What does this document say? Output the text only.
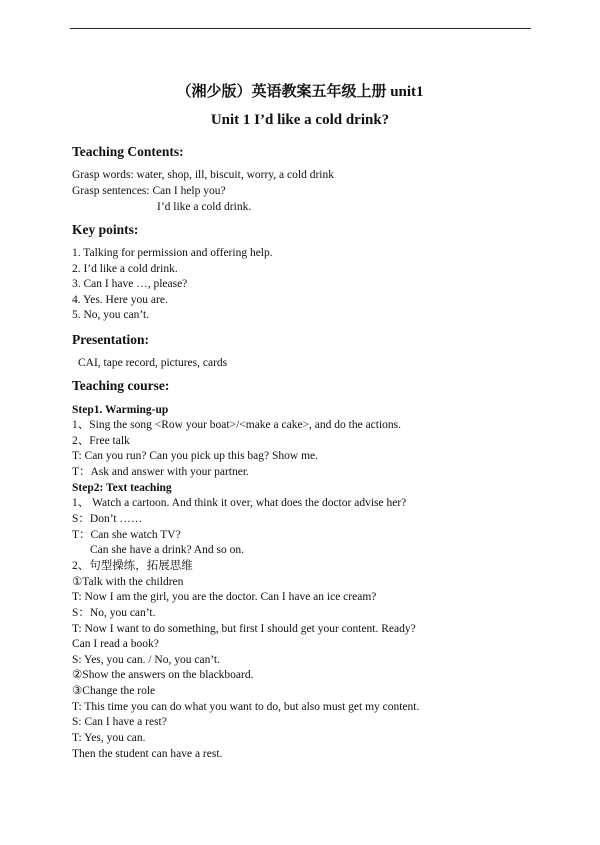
（湘少版）英语教案五年级上册 unit1
Unit 1 I’d like a cold drink?
Teaching Contents:
Grasp words: water, shop, ill, biscuit, worry, a cold drink
Grasp sentences: Can I help you?
I’d like a cold drink.
Key points:
1. Talking for permission and offering help.
2. I’d like a cold drink.
3. Can I have …, please?
4. Yes. Here you are.
5. No, you can’t.
Presentation:
CAI, tape record, pictures, cards
Teaching course:
Step1. Warming-up
1、Sing the song <Row your boat>/<make a cake>, and do the actions.
2、Free talk
T: Can you run? Can you pick up this bag? Show me.
T：Ask and answer with your partner.
Step2: Text teaching
1、 Watch a cartoon. And think it over, what does the doctor advise her?
S：Don’t ……
T：Can she watch TV?
Can she have a drink? And so on.
2、句型操练，拓展思维
①Talk with the children
T: Now I am the girl, you are the doctor. Can I have an ice cream?
S：No, you can’t.
T: Now I want to do something, but first I should get your content. Ready?
Can I read a book?
S: Yes, you can. / No, you can’t.
②Show the answers on the blackboard.
③Change the role
T: This time you can do what you want to do, but also must get my content.
S: Can I have a rest?
T: Yes, you can.
Then the student can have a rest.
